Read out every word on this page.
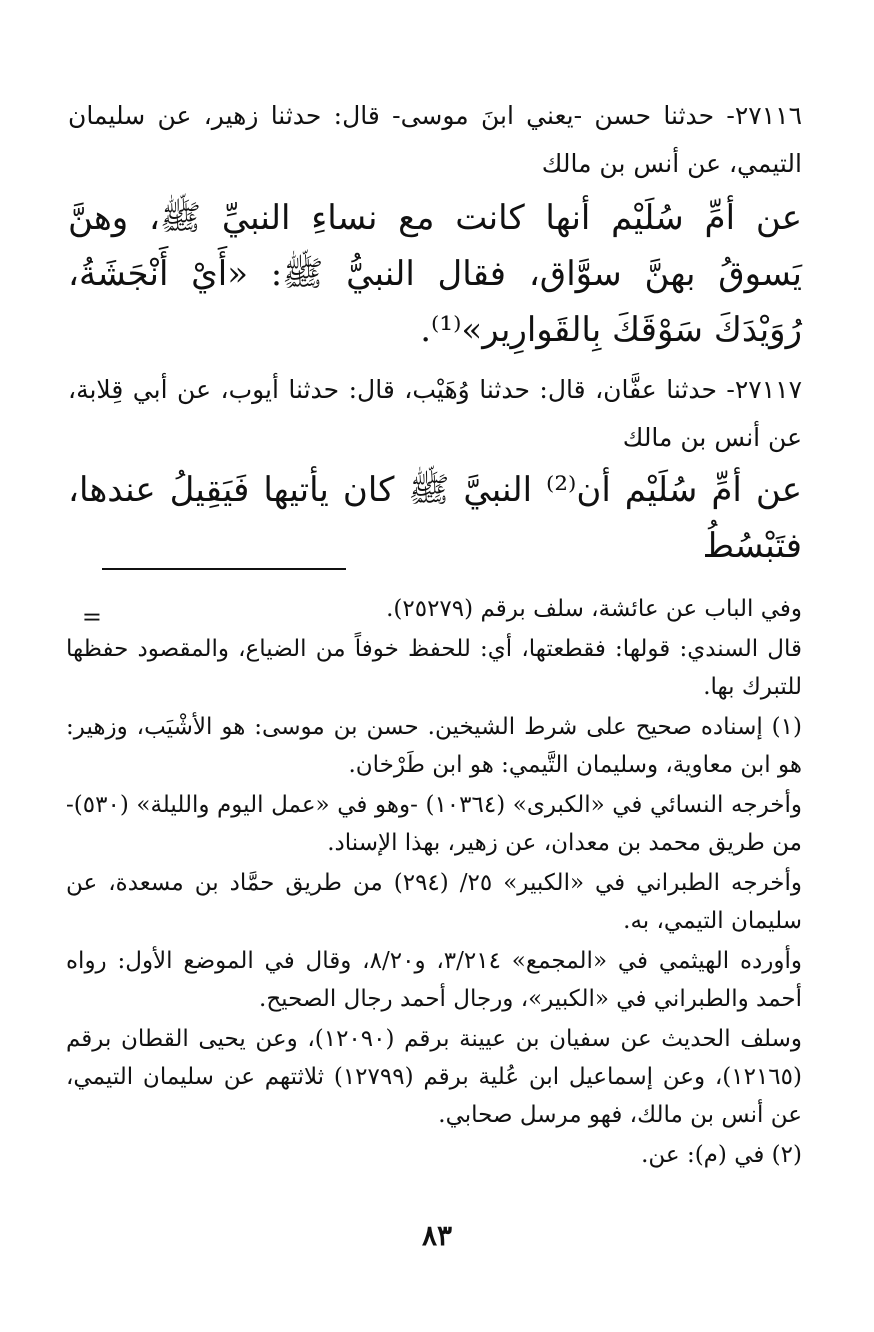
٢٧١١٦- حدثنا حسن -يعني ابنَ موسى- قال: حدثنا زهير، عن سليمان التيمي، عن أنس بن مالك

عن أمِّ سُلَيْم أنها كانت مع نساءِ النبيِّ ﷺ، وهنَّ يَسوقُ بهنَّ سوَّاق، فقال النبيُّ ﷺ: «أَيْ أَنْجَشَةُ، رُوَيْدَكَ سَوْقَكَ بِالقَوارِير»⁽¹⁾.

٢٧١١٧- حدثنا عفَّان، قال: حدثنا وُهَيْب، قال: حدثنا أيوب، عن أبي قِلابة، عن أنس بن مالك

عن أمِّ سُلَيْم أن⁽²⁾ النبيَّ ﷺ كان يأتيها فَيَقِيلُ عندها، فتَبْسُطُ

=	وفي الباب عن عائشة، سلف برقم (٢٥٢٧٩).

قال السندي: قولها: فقطعتها، أي: للحفظ خوفاً من الضياع، والمقصود حفظها للتبرك بها.

(١) إسناده صحيح على شرط الشيخين. حسن بن موسى: هو الأشْيَب، وزهير: هو ابن معاوية، وسليمان التَّيمي: هو ابن طَرْخان.

وأخرجه النسائي في «الكبرى» (١٠٣٦٤) -وهو في «عمل اليوم والليلة» (٥٣٠)- من طريق محمد بن معدان، عن زهير، بهذا الإسناد.

وأخرجه الطبراني في «الكبير» ٢٥/ (٢٩٤) من طريق حمَّاد بن مسعدة، عن سليمان التيمي، به.

وأورده الهيثمي في «المجمع» ٣/٢١٤، و٨/٢٠، وقال في الموضع الأول: رواه أحمد والطبراني في «الكبير»، ورجال أحمد رجال الصحيح.

وسلف الحديث عن سفيان بن عيينة برقم (١٢٠٩٠)، وعن يحيى القطان برقم (١٢١٦٥)، وعن إسماعيل ابن عُلية برقم (١٢٧٩٩) ثلاثتهم عن سليمان التيمي، عن أنس بن مالك، فهو مرسل صحابي.

(٢) في (م): عن.

٨٣
